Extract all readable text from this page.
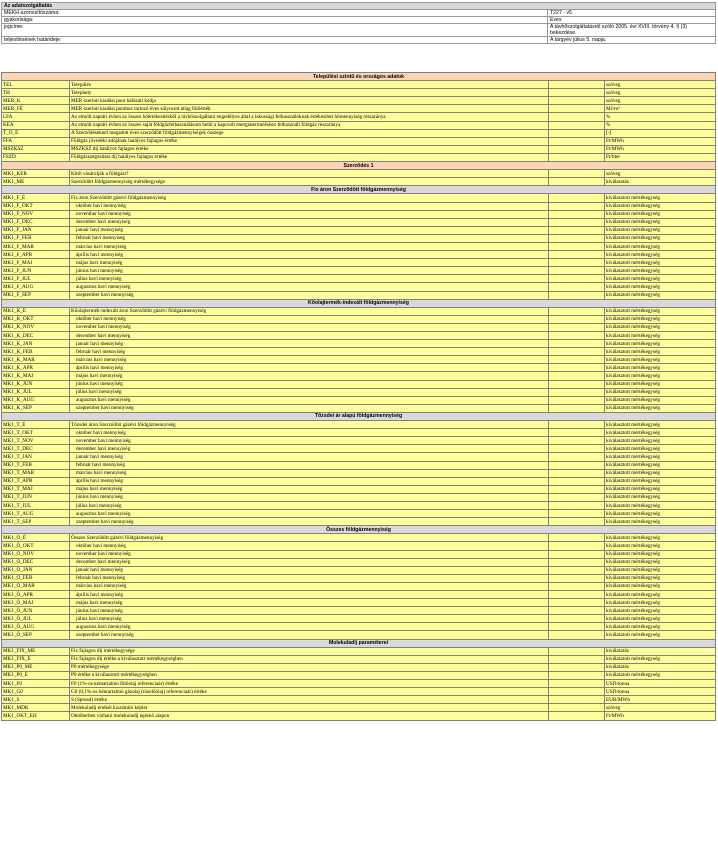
Az adatszolgáltatás	
MEKH azonosítószáma:	T227 - v5
gyakorisága:	Éves
jogcíme:	A távhőszolgáltatásról szóló 2005. évi XVIII. törvény 4. § (3) bekezdése.
teljesítésének határideje:	A tárgyév július 5. napja.
Települési szintű és országos adatok			
TEL	Település		szöveg
TH	Telephely		szöveg
MER_K	MER szerinti kiadási pont hálózati kódja		szöveg
MER_FÉ	MER szerinti kiadási ponthoz tartozó éves súlyozott átlag fűtőérték		MJ/m³
LFA	Az elmúlt naptári évben az összes hőértékesítésből a távhőszolgáltató engedélyes által a lakossági felhasználóknak értékesített hőmennyiség részaránya		%
KEA	Az elmúlt naptári évben az összes saját földgázfelhasználásom belül a kapcsolt energiatermeléshez felhasznált földgáz részaránya		%
T_Ő_É	A Szerződéseknél megadott éves szerződött földgázmennyiségek összege		[-]
FFA	Földgáz jövedéki adójának hatályos fajlagos értéke		Ft/MWh
MSZKSZ	MSZKSZ díj hatályos fajlagos értéke		Ft/MWh
FSZD	Földgázszegosítási díj hatályos fajlagos értéke		Ft/liter
Szerződés 1			
MK1_KER	Kitől vásárolják a földgázt?		szöveg
MK1_ME	Szerződött földgázmennyiség mértékegysége		kiválasztás
Fix áron Szerződött földgázmennyiség			
MK1_F_É	Fix áron Szerződött gázévi földgázmennyiség		kiválasztott mértékegység
MK1_F_OKT	október havi mennyiség		kiválasztott mértékegység
MK1_F_NOV	november havi mennyiség		kiválasztott mértékegység
MK1_F_DEC	december havi mennyiség		kiválasztott mértékegység
MK1_F_JAN	január havi mennyiség		kiválasztott mértékegység
MK1_F_FEB	február havi mennyiség		kiválasztott mértékegység
MK1_F_MAR	március havi mennyiség		kiválasztott mértékegység
MK1_F_APR	április havi mennyiség		kiválasztott mértékegység
MK1_F_MAJ	május havi mennyiség		kiválasztott mértékegység
MK1_F_JUN	június havi mennyiség		kiválasztott mértékegység
MK1_F_JUL	július havi mennyiség		kiválasztott mértékegység
MK1_F_AUG	augusztus havi mennyiség		kiválasztott mértékegység
MK1_F_SEP	szeptember havi mennyiség		kiválasztott mértékegység
Kőolajtermék-indexált földgázmennyiség			
MK1_K_É	Kőolajtermék-indexált áron Szerződött gázévi földgázmennyiség		kiválasztott mértékegység
MK1_K_OKT	október havi mennyiség		kiválasztott mértékegység
MK1_K_NOV	november havi mennyiség		kiválasztott mértékegység
MK1_K_DEC	december havi mennyiség		kiválasztott mértékegység
MK1_K_JAN	január havi mennyiség		kiválasztott mértékegység
MK1_K_FEB	február havi mennyiség		kiválasztott mértékegység
MK1_K_MAR	március havi mennyiség		kiválasztott mértékegység
MK1_K_APR	április havi mennyiség		kiválasztott mértékegység
MK1_K_MAJ	május havi mennyiség		kiválasztott mértékegység
MK1_K_JUN	június havi mennyiség		kiválasztott mértékegység
MK1_K_JUL	július havi mennyiség		kiválasztott mértékegység
MK1_K_AUG	augusztus havi mennyiség		kiválasztott mértékegység
MK1_K_SEP	szeptember havi mennyiség		kiválasztott mértékegység
Tőzsdei ár alapú földgázmennyiség			
MK1_T_É	Tőzsdei áron Szerződött gázévi földgázmennyiség		kiválasztott mértékegység
MK1_T_OKT	október havi mennyiség		kiválasztott mértékegység
MK1_T_NOV	november havi mennyiség		kiválasztott mértékegység
MK1_T_DEC	december havi mennyiség		kiválasztott mértékegység
MK1_T_JAN	január havi mennyiség		kiválasztott mértékegység
MK1_T_FEB	február havi mennyiség		kiválasztott mértékegység
MK1_T_MAR	március havi mennyiség		kiválasztott mértékegység
MK1_T_APR	április havi mennyiség		kiválasztott mértékegység
MK1_T_MAJ	május havi mennyiség		kiválasztott mértékegység
MK1_T_JUN	június havi mennyiség		kiválasztott mértékegység
MK1_T_JUL	július havi mennyiség		kiválasztott mértékegység
MK1_T_AUG	augusztus havi mennyiség		kiválasztott mértékegység
MK1_T_SEP	szeptember havi mennyiség		kiválasztott mértékegység
Összes földgázmennyiség			
MK1_Ö_É	Összes Szerződött gázévi földgázmennyiség		kiválasztott mértékegység
MK1_Ö_OKT	október havi mennyiség		kiválasztott mértékegység
MK1_Ö_NOV	november havi mennyiség		kiválasztott mértékegység
MK1_Ö_DEC	december havi mennyiség		kiválasztott mértékegység
MK1_Ö_JAN	január havi mennyiség		kiválasztott mértékegység
MK1_Ö_FEB	február havi mennyiség		kiválasztott mértékegység
MK1_Ö_MAR	március havi mennyiség		kiválasztott mértékegység
MK1_Ö_APR	április havi mennyiség		kiválasztott mértékegység
MK1_Ö_MAJ	május havi mennyiség		kiválasztott mértékegység
MK1_Ö_JUN	június havi mennyiség		kiválasztott mértékegység
MK1_Ö_JUL	július havi mennyiség		kiválasztott mértékegység
MK1_Ö_AUG	augusztus havi mennyiség		kiválasztott mértékegység
MK1_Ö_SEP	szeptember havi mennyiség		kiválasztott mértékegység
Molekuladíj paraméterei			
MK1_FIX_ME	Fix fajlagos díj mértékegysége		kiválasztás
MK1_FIX_É	Fix fajlagos díj értéke a kiválasztott mértékegységben		kiválasztott mértékegység
MK1_P0_ME	P0 mértékegysége		kiválasztás
MK1_P0_É	P0 értéke a kiválasztott mértékegységben		kiválasztott mértékegység
MK1_F0	F0 (1%-os kéntartalmú fűtőolaj referenciaár) értéke		USD/tonna
MK1_G0	G0 (0,1%-os kéntartalmú gázolaj (tüzelőolaj) referenciaár) értéke		USD/tonna
MK1_S	S (Spread) értéke		EUR/MWh
MK1_MDK	Molekuladíj értékét kiszámító képlet		szöveg
MK1_OKT_EH	Októberben várható molekuladíj égéshő alapon		Ft/MWh
